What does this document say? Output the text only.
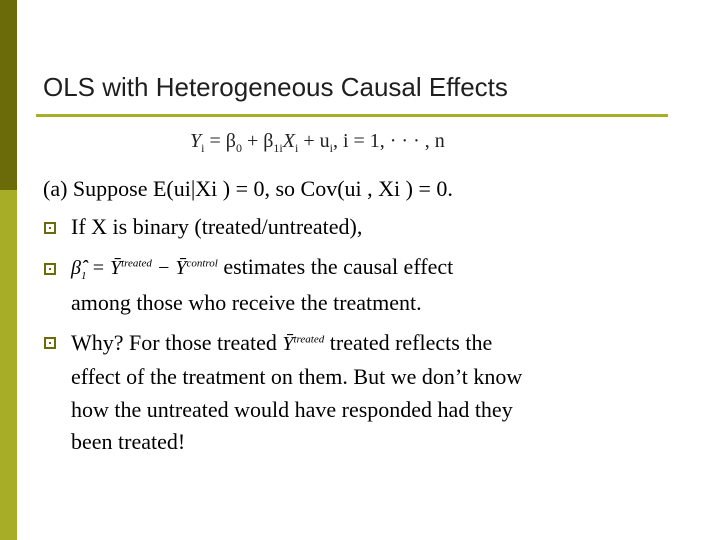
OLS with Heterogeneous Causal Effects
$Y_i = \beta_0 + \beta_{1i}X_i + u_i$, i = 1, · · · , n
(a) Suppose E(ui|Xi ) = 0, so Cov(ui , Xi ) = 0.
If X is binary (treated/untreated),
$\betâ_1$ = $Ȳ^{treated}$ − $Ȳ^{control}$ estimates the causal effect
among those who receive the treatment.
Why? For those treated $Ȳ^{treated}$ treated reflects the
effect of the treatment on them. But we don’t know
how the untreated would have responded had they
been treated!
